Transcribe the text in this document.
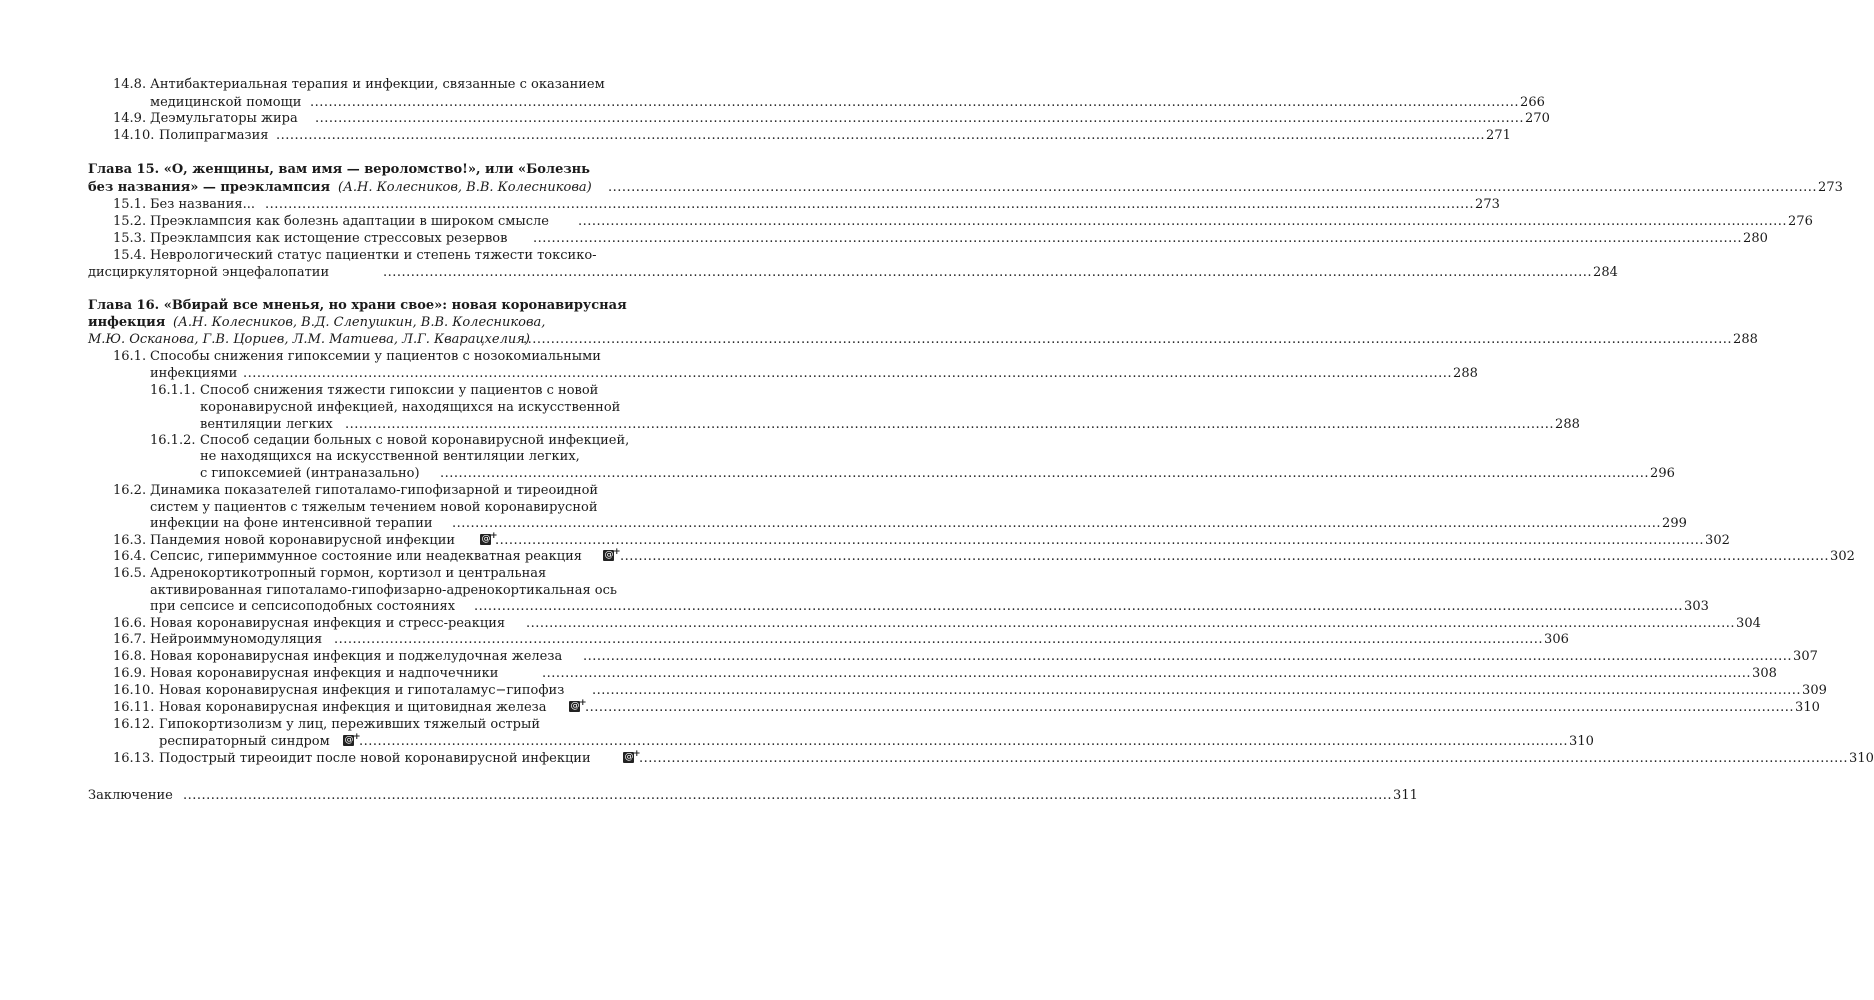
14.8. Антибактериальная терапия и инфекции, связанные с оказанием
медицинской помощи ..................................................................................................................................................................................................................................................................... 266
14.9. Деэмульгаторы жира ..................................................................................................................................................................................................................................................................... 270
14.10. Полипрагмазия ..................................................................................................................................................................................................................................................................... 271
Глава 15. «О, женщины, вам имя — вероломство!», или «Болезнь
без названия» — преэклампсия (А.Н. Колесников, В.В. Колесникова) ..................................................................................................................................................................................................................................................................... 273
15.1. Без названия... ..................................................................................................................................................................................................................................................................... 273
15.2. Преэклампсия как болезнь адаптации в широком смысле ..................................................................................................................................................................................................................................................................... 276
15.3. Преэклампсия как истощение стрессовых резервов ..................................................................................................................................................................................................................................................................... 280
15.4. Неврологический статус пациентки и степень тяжести токсико-
дисциркуляторной энцефалопатии	..................................................................................................................................................................................................................................................................... 284
Глава 16. «Вбирай все мненья, но храни свое»: новая коронавирусная
инфекция (А.Н. Колесников, В.Д. Слепушкин, В.В. Колесникова,
М.Ю. Осканова, Г.В. Цориев, Л.М. Матиева, Л.Г. Кварацхелия)
..................................................................................................................................................................................................................................................................... 288
16.1. Способы снижения гипоксемии у пациентов с нозокомиальными
инфекциями ..................................................................................................................................................................................................................................................................... 288
16.1.1. Способ снижения тяжести гипоксии у пациентов с новой
коронавирусной инфекцией, находящихся на искусственной
вентиляции легких ..................................................................................................................................................................................................................................................................... 288
16.1.2. Способ седации больных с новой коронавирусной инфекцией,
не находящихся на искусственной вентиляции легких,
с гипоксемией (интраназально) ..................................................................................................................................................................................................................................................................... 296
16.2. Динамика показателей гипоталамо-гипофизарной и тиреоидной
систем у пациентов с тяжелым течением новой коронавирусной
инфекции на фоне интенсивной терапии ..................................................................................................................................................................................................................................................................... 299
16.3. Пандемия новой коронавирусной инфекции	@ +
..................................................................................................................................................................................................................................................................... 302
16.4. Сепсис, гипериммунное состояние или неадекватная реакция @ + ..................................................................................................................................................................................................................................................................... 302
16.5. Адренокортикотропный гормон, кортизол и центральная
активированная гипоталамо-гипофизарно-адренокортикальная ось
при сепсисе и сепсисоподобных состояниях ..................................................................................................................................................................................................................................................................... 303
16.6. Новая коронавирусная инфекция и стресс-реакция ..................................................................................................................................................................................................................................................................... 304
16.7. Нейроиммуномодуляция ..................................................................................................................................................................................................................................................................... 306
16.8. Новая коронавирусная инфекция и поджелудочная железа ..................................................................................................................................................................................................................................................................... 307
16.9. Новая коронавирусная инфекция и надпочечники	..................................................................................................................................................................................................................................................................... 308
16.10. Новая коронавирусная инфекция и гипоталамус−гипофиз ..................................................................................................................................................................................................................................................................... 309
16.11. Новая коронавирусная инфекция и щитовидная железа	@ +
..................................................................................................................................................................................................................................................................... 310
16.12. Гипокортизолизм у лиц, переживших тяжелый острый
респираторный синдром @ +
..................................................................................................................................................................................................................................................................... 310
16.13. Подострый тиреоидит после новой коронавирусной инфекции	@ +
..................................................................................................................................................................................................................................................................... 310
Заключение ..................................................................................................................................................................................................................................................................... 311
